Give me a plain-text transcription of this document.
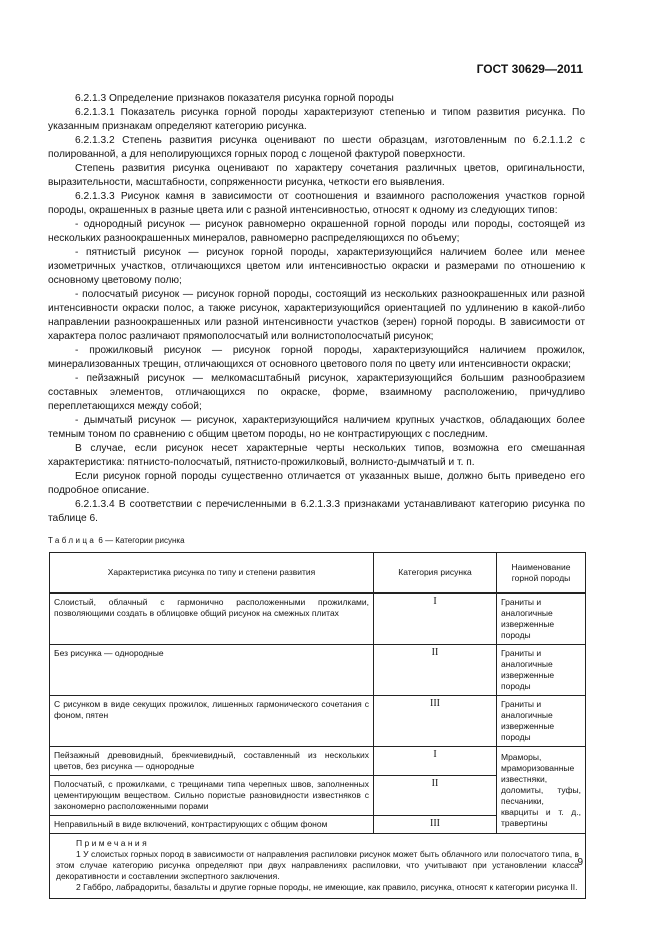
ГОСТ 30629—2011

6.2.1.3 Определение признаков показателя рисунка горной породы

6.2.1.3.1 Показатель рисунка горной породы характеризуют степенью и типом развития рисунка. По указанным признакам определяют категорию рисунка.

6.2.1.3.2 Степень развития рисунка оценивают по шести образцам, изготовленным по 6.2.1.1.2 с полированной, а для неполирующихся горных пород с лощеной фактурой поверхности.

Степень развития рисунка оценивают по характеру сочетания различных цветов, оригинальности, выразительности, масштабности, сопряженности рисунка, четкости его выявления.

6.2.1.3.3 Рисунок камня в зависимости от соотношения и взаимного расположения участков горной породы, окрашенных в разные цвета или с разной интенсивностью, относят к одному из следующих типов:

- однородный рисунок — рисунок равномерно окрашенной горной породы или породы, состоящей из нескольких разноокрашенных минералов, равномерно распределяющихся по объему;

- пятнистый рисунок — рисунок горной породы, характеризующийся наличием более или менее изометричных участков, отличающихся цветом или интенсивностью окраски и размерами по отношению к основному цветовому полю;

- полосчатый рисунок — рисунок горной породы, состоящий из нескольких разноокрашенных или разной интенсивности окраски полос, а также рисунок, характеризующийся ориентацией по удлинению в какой-либо направлении разноокрашенных или разной интенсивности участков (зерен) горной породы. В зависимости от характера полос различают прямополосчатый или волнистополосчатый рисунок;

- прожилковый рисунок — рисунок горной породы, характеризующийся наличием прожилок, минерализованных трещин, отличающихся от основного цветового поля по цвету или интенсивности окраски;

- пейзажный рисунок — мелкомасштабный рисунок, характеризующийся большим разнообразием составных элементов, отличающихся по окраске, форме, взаимному расположению, причудливо переплетающихся между собой;

- дымчатый рисунок — рисунок, характеризующийся наличием крупных участков, обладающих более темным тоном по сравнению с общим цветом породы, но не контрастирующих с последним.

В случае, если рисунок несет характерные черты нескольких типов, возможна его смешанная характеристика: пятнисто-полосчатый, пятнисто-прожилковый, волнисто-дымчатый и т. п.

Если рисунок горной породы существенно отличается от указанных выше, должно быть приведено его подробное описание.

6.2.1.3.4 В соответствии с перечисленными в 6.2.1.3.3 признаками устанавливают категорию рисунка по таблице 6.

Таблица 6 — Категории рисунка
Характеристика рисунка по типу и степени развития	Категория рисунка	Наименование горной породы
Слоистый, облачный с гармонично расположенными прожилками, позволяющими создать в облицовке общий рисунок на смежных плитах	I	Граниты и аналогичные изверженные породы
Без рисунка — однородные	II	Граниты и аналогичные изверженные породы
С рисунком в виде секущих прожилок, лишенных гармонического сочетания с фоном, пятен	III	Граниты и аналогичные изверженные породы
Пейзажный древовидный, брекчиевидный, составленный из нескольких цветов, без рисунка — однородные	I	Мраморы, мраморизованные известняки, доломиты, туфы, песчаники, кварциты и т. д., травертины
Полосчатый, с прожилками, с трещинами типа черепных швов, заполненных цементирующим веществом. Сильно пористые разновидности известняков с закономерно расположенными порами	II	
Неправильный в виде включений, контрастирующих с общим фоном	III	

Примечания
1 У слоистых горных пород в зависимости от направления распиловки рисунок может быть облачного или полосчатого типа, в этом случае категорию рисунка определяют при двух направлениях распиловки, что учитывают при установлении класса декоративности и составлении экспертного заключения.
2 Габбро, лабрадориты, базальты и другие горные породы, не имеющие, как правило, рисунка, относят к категории рисунка II.		
9
